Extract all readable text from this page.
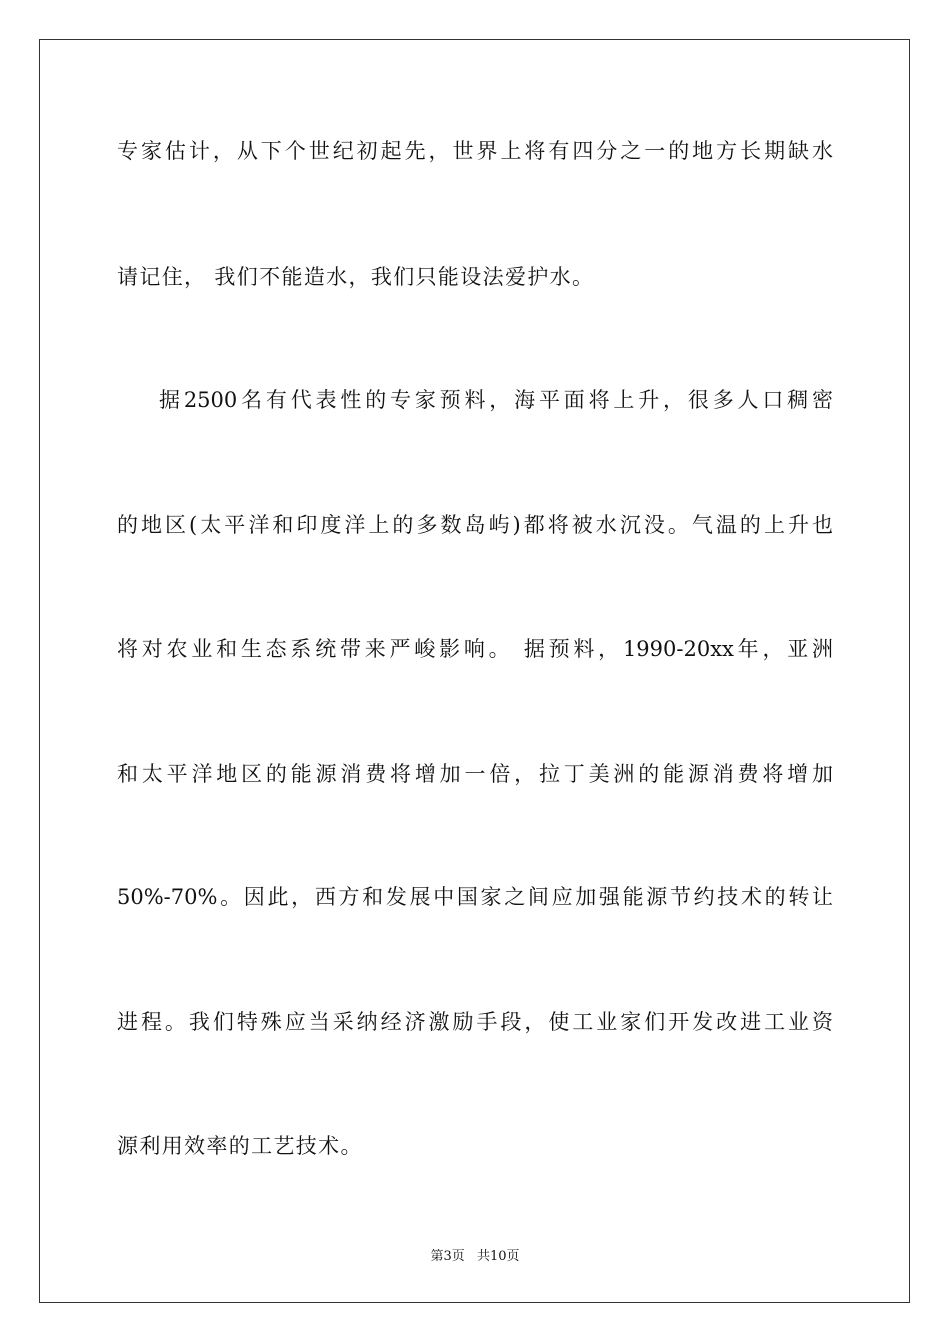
专家估计，从下个世纪初起先，世界上将有四分之一的地方长期缺水
请记住， 我们不能造水，我们只能设法爱护水。
据2500名有代表性的专家预料，海平面将上升，很多人口稠密
的地区(太平洋和印度洋上的多数岛屿)都将被水沉没。气温的上升也
将对农业和生态系统带来严峻影响。 据预料，1990-20xx年，亚洲
和太平洋地区的能源消费将增加一倍，拉丁美洲的能源消费将增加
50%-70%。因此，西方和发展中国家之间应加强能源节约技术的转让
进程。我们特殊应当采纳经济激励手段，使工业家们开发改进工业资
源利用效率的工艺技术。
第3页 共10页
